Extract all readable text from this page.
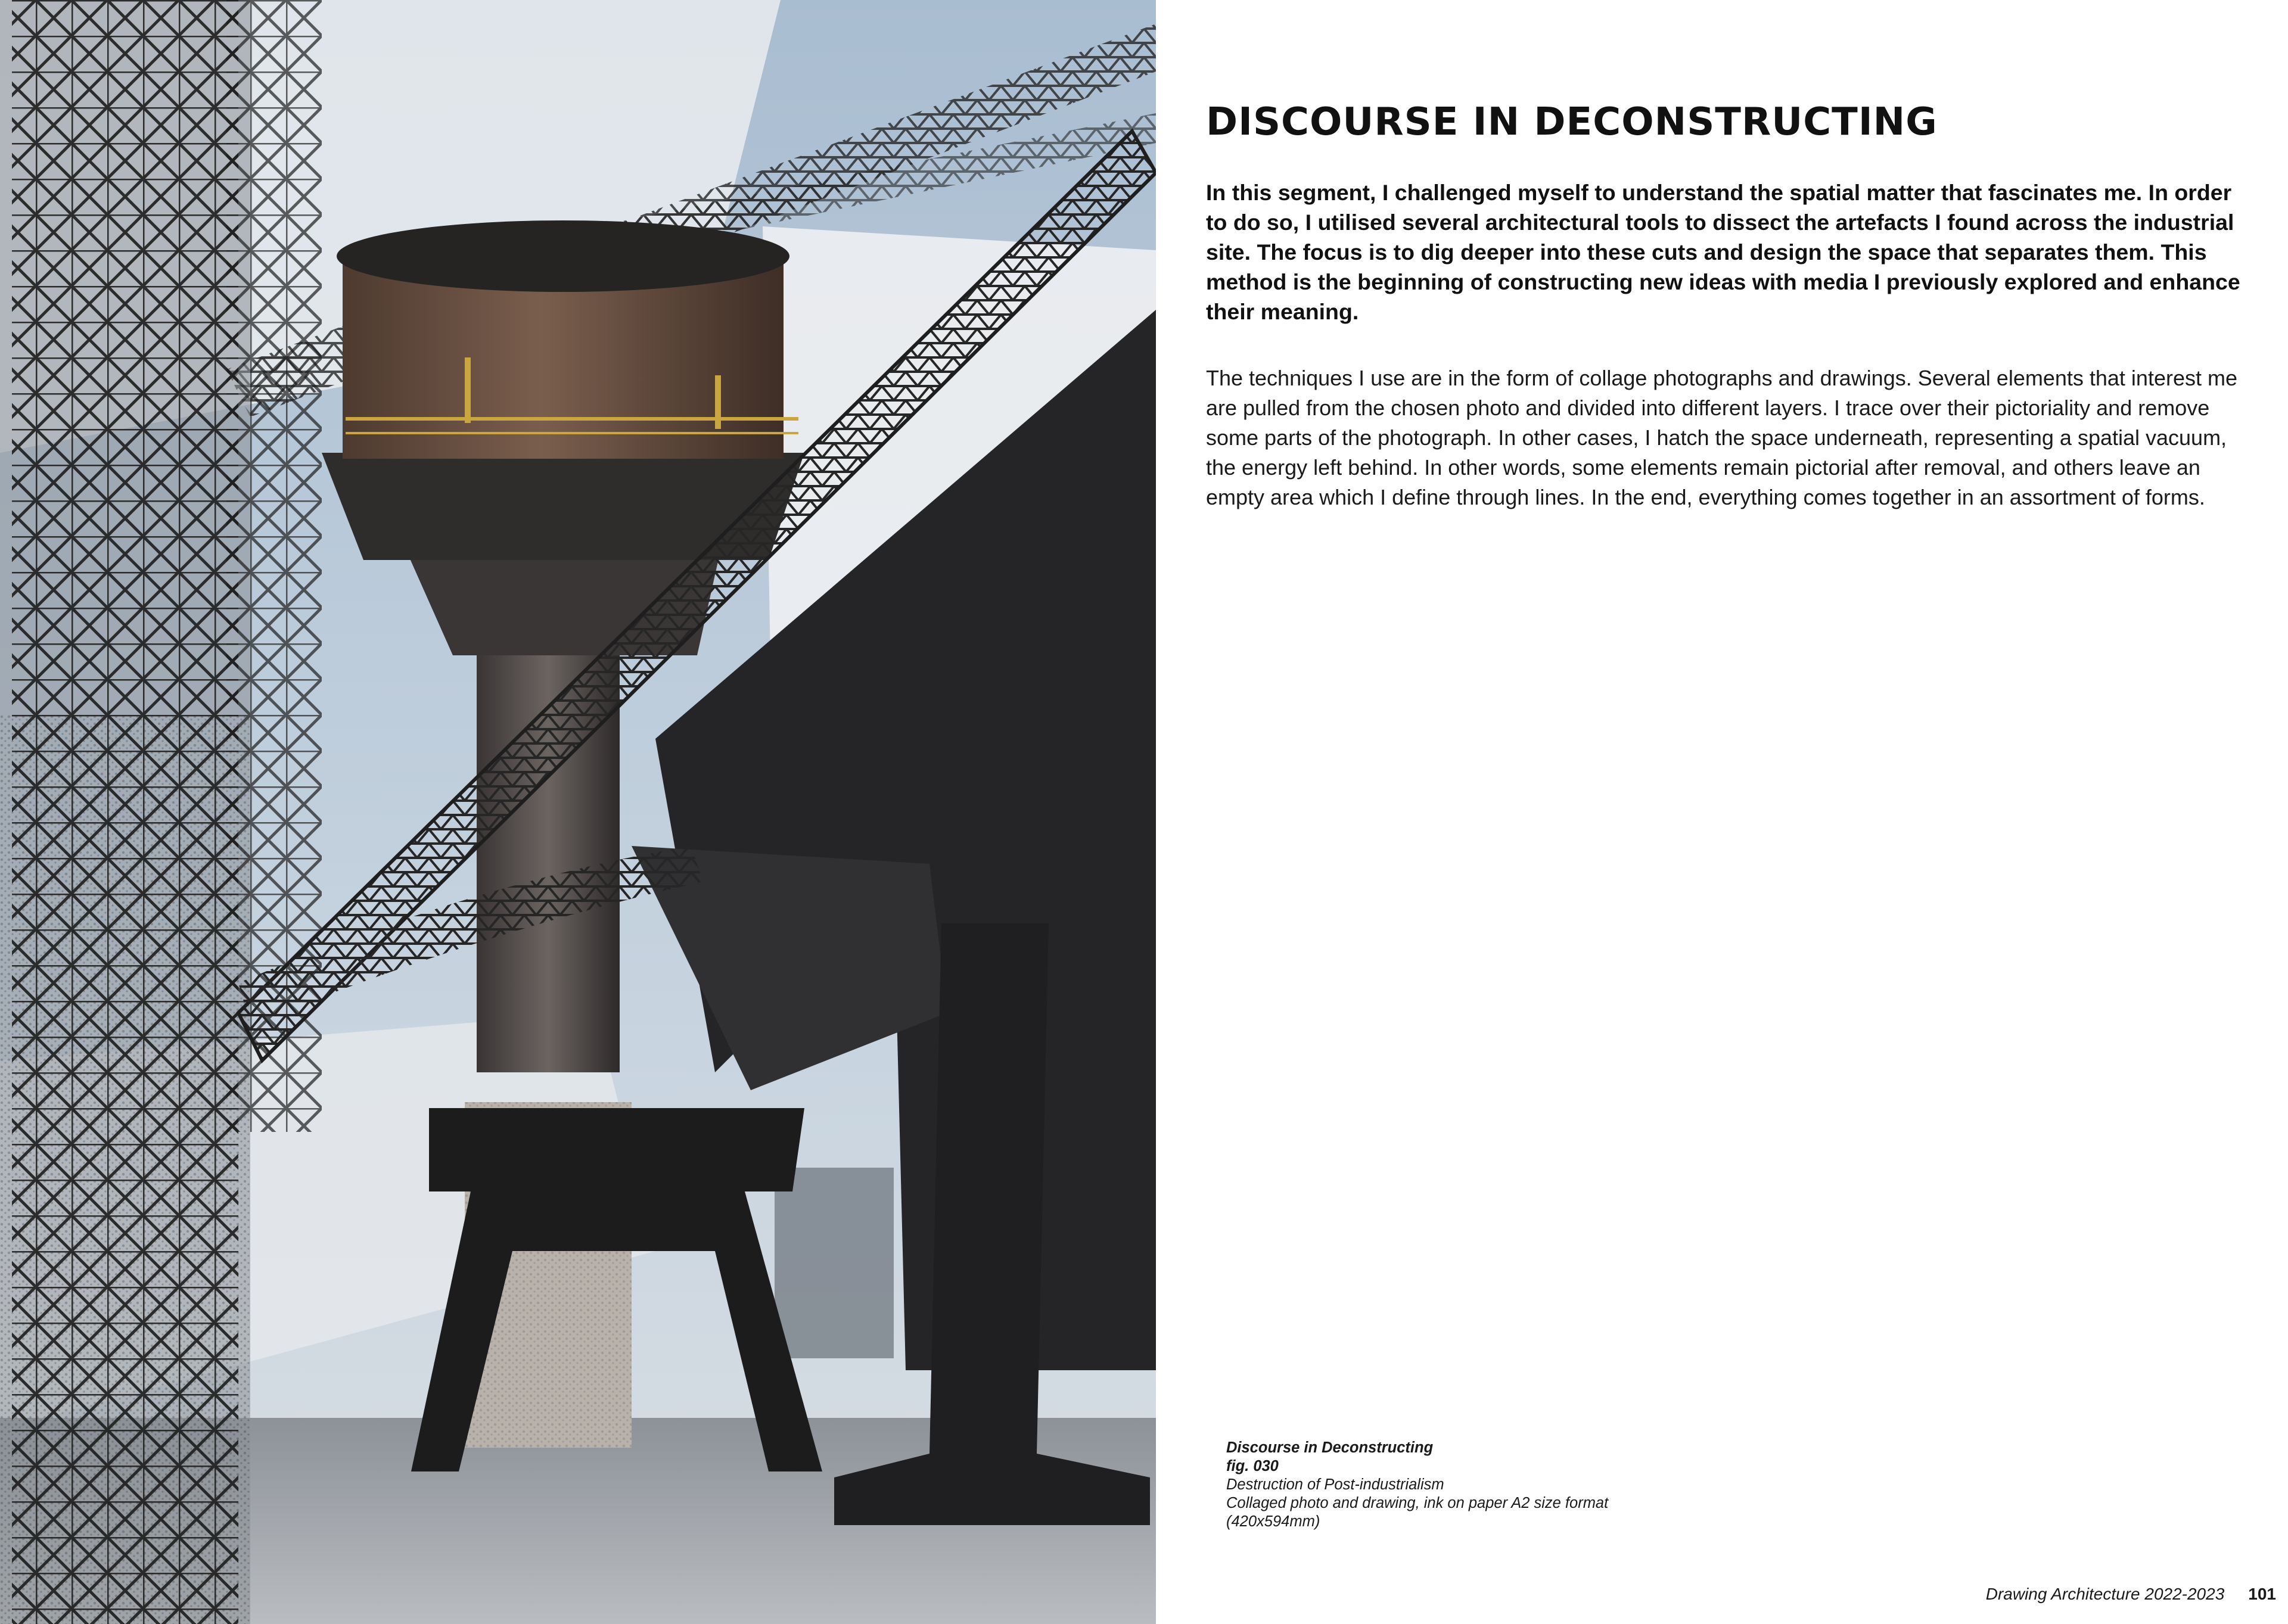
DISCOURSE IN DECONSTRUCTING

In this segment, I challenged myself to understand the spatial matter that fascinates me. In order to do so, I utilised several architectural tools to dissect the artefacts I found across the industrial site. The focus is to dig deeper into these cuts and design the space that separates them. This method is the beginning of constructing new ideas with media I previously explored and enhance their meaning.

The techniques I use are in the form of collage photographs and drawings. Several elements that interest me are pulled from the chosen photo and divided into different layers. I trace over their pictoriality and remove some parts of the photograph. In other cases, I hatch the space underneath, representing a spatial vacuum, the energy left behind. In other words, some elements remain pictorial after removal, and others leave an empty area which I define through lines. In the end, everything comes together in an assortment of forms.

Discourse in Deconstructing
fig. 030
Destruction of Post-industrialism
Collaged photo and drawing, ink on paper A2 size format
(420x594mm)
Drawing Architecture 2022-2023 101
